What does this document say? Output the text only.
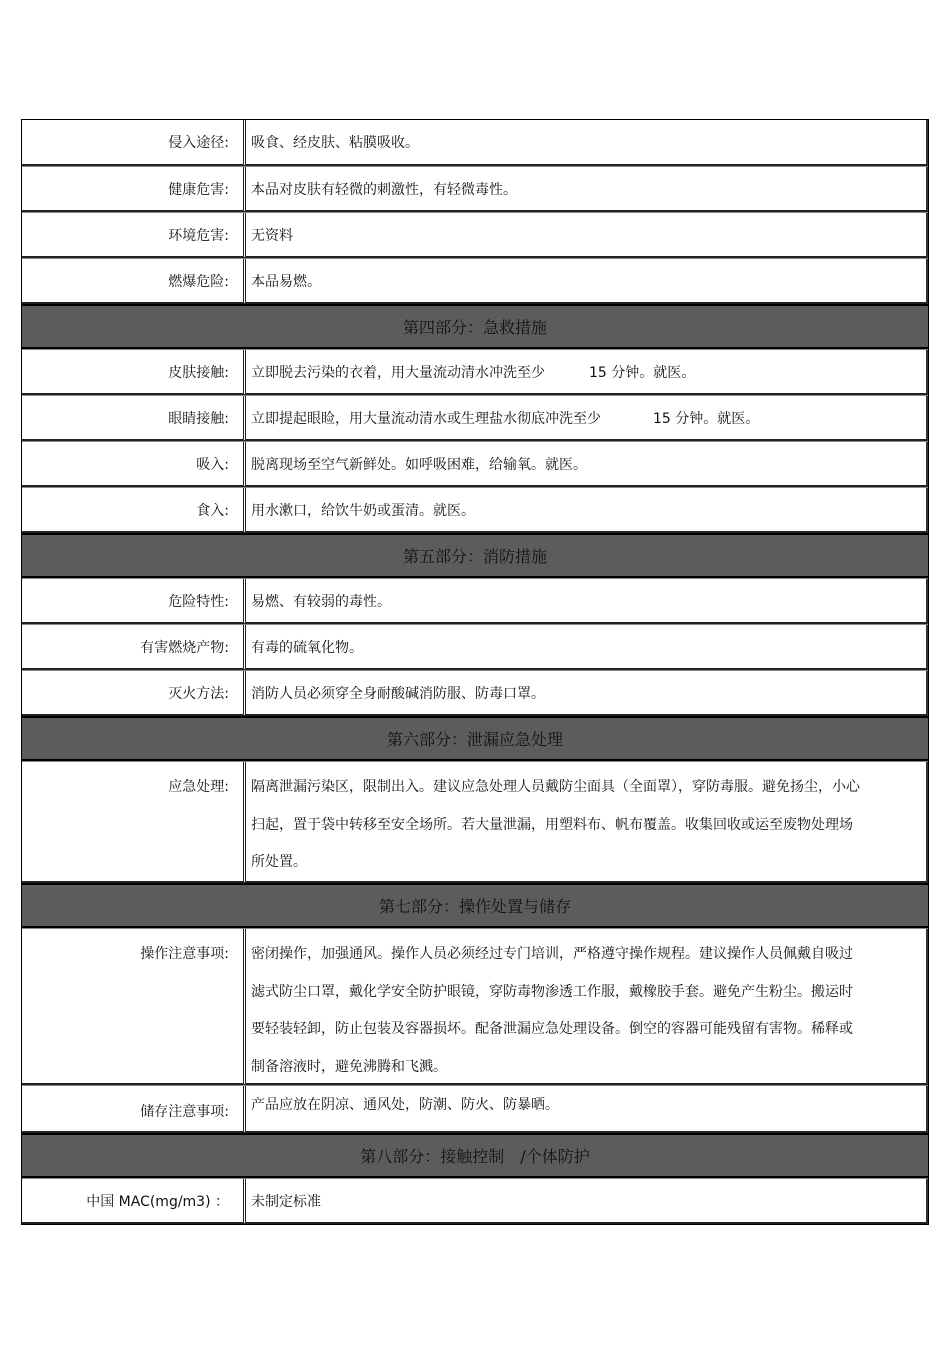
侵入途径:	吸食、经皮肤、粘膜吸收。
健康危害:	本品对皮肤有轻微的刺激性，有轻微毒性。
环境危害:	无资料
燃爆危险:	本品易燃。
第四部分：急救措施
皮肤接触:	立即脱去污染的衣着，用大量流动清水冲洗至少	15 分钟。就医。
眼睛接触:	立即提起眼睑，用大量流动清水或生理盐水彻底冲洗至少	15 分钟。就医。
吸入:	脱离现场至空气新鲜处。如呼吸困难，给输氧。就医。
食入:	用水漱口，给饮牛奶或蛋清。就医。
第五部分：消防措施
危险特性:	易燃、有较弱的毒性。
有害燃烧产物:	有毒的硫氧化物。
灭火方法:	消防人员必须穿全身耐酸碱消防服、防毒口罩。
第六部分：泄漏应急处理
应急处理:	隔离泄漏污染区，限制出入。建议应急处理人员戴防尘面具（全面罩），穿防毒服。避免扬尘，小心扫起，置于袋中转移至安全场所。若大量泄漏，用塑料布、帆布覆盖。收集回收或运至废物处理场所处置。
第七部分：操作处置与储存
操作注意事项:	密闭操作，加强通风。操作人员必须经过专门培训，严格遵守操作规程。建议操作人员佩戴自吸过滤式防尘口罩，戴化学安全防护眼镜，穿防毒物渗透工作服，戴橡胶手套。避免产生粉尘。搬运时要轻装轻卸，防止包装及容器损坏。配备泄漏应急处理设备。倒空的容器可能残留有害物。稀释或制备溶液时，避免沸腾和飞溅。
储存注意事项:	产品应放在阴凉、通风处，防潮、防火、防暴晒。
第八部分：接触控制　/个体防护
中国 MAC(mg/m3) ：	未制定标准
